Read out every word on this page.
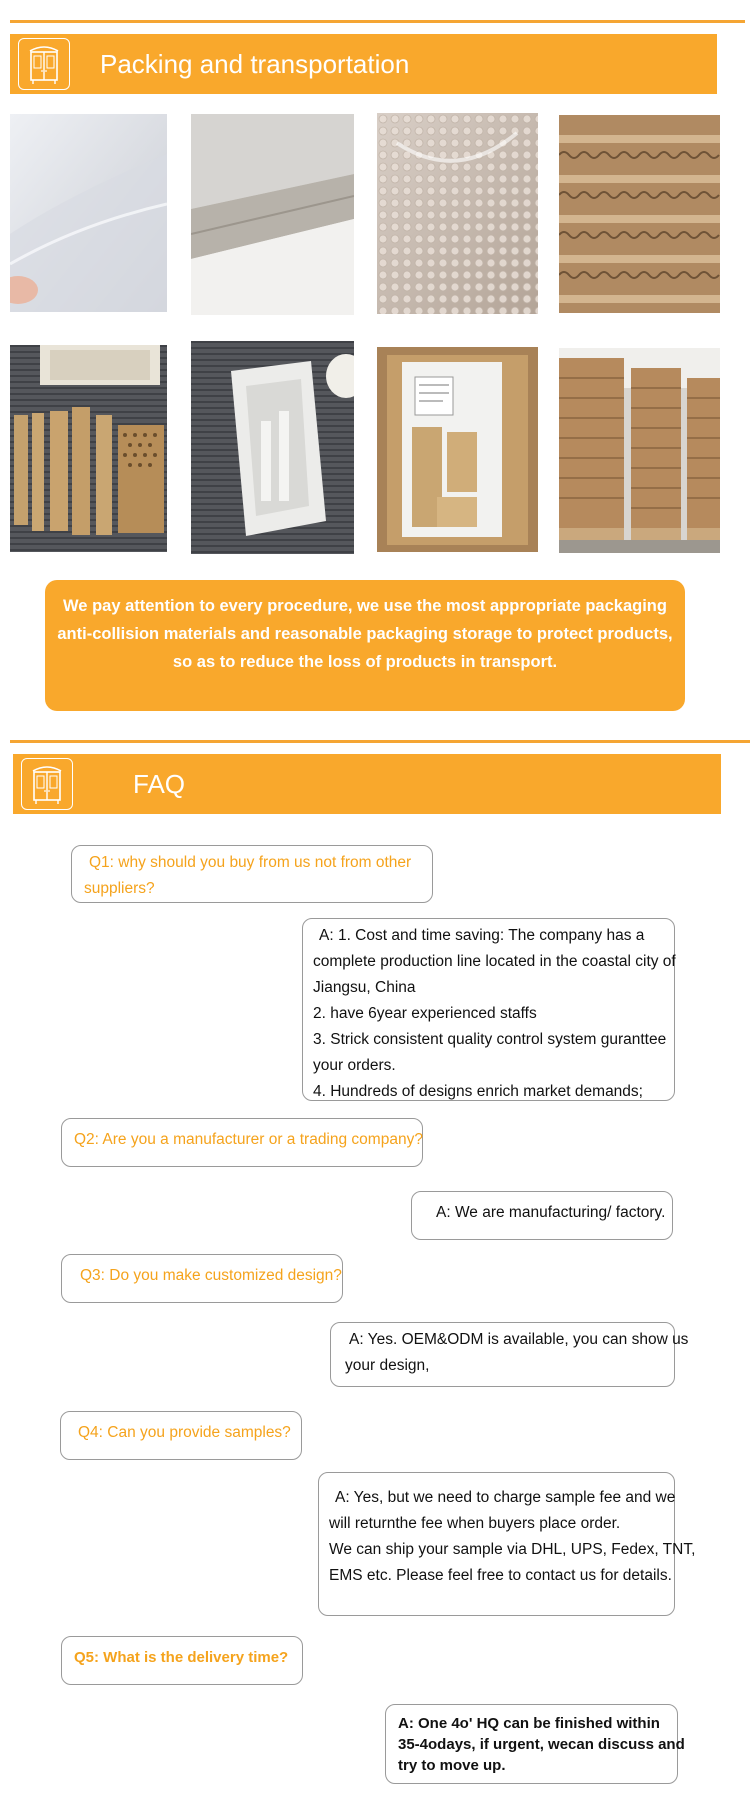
Packing and transportation
We pay attention to every procedure, we use the most appropriate packaging
anti-collision materials and reasonable packaging storage to protect products,
so as to reduce the loss of products in transport.
FAQ
Q1: why should you buy from us not from other
suppliers?
A: 1. Cost and time saving: The company has a
complete production line located in the coastal city of
Jiangsu, China
2. have 6year experienced staffs
3. Strick consistent quality control system guranttee
your orders.
4. Hundreds of designs enrich market demands;
Q2: Are you a manufacturer or a trading company?
A: We are manufacturing/ factory.
Q3: Do you make customized design?
A: Yes. OEM&ODM is available, you can show us
your design,
Q4: Can you provide samples?
A: Yes, but we need to charge sample fee and we
will returnthe fee when buyers place order.
We can ship your sample via DHL, UPS, Fedex, TNT,
EMS etc. Please feel free to contact us for details.
Q5: What is the delivery time?
A: One 4o' HQ can be finished within
35-4odays, if urgent, wecan discuss and
try to move up.
